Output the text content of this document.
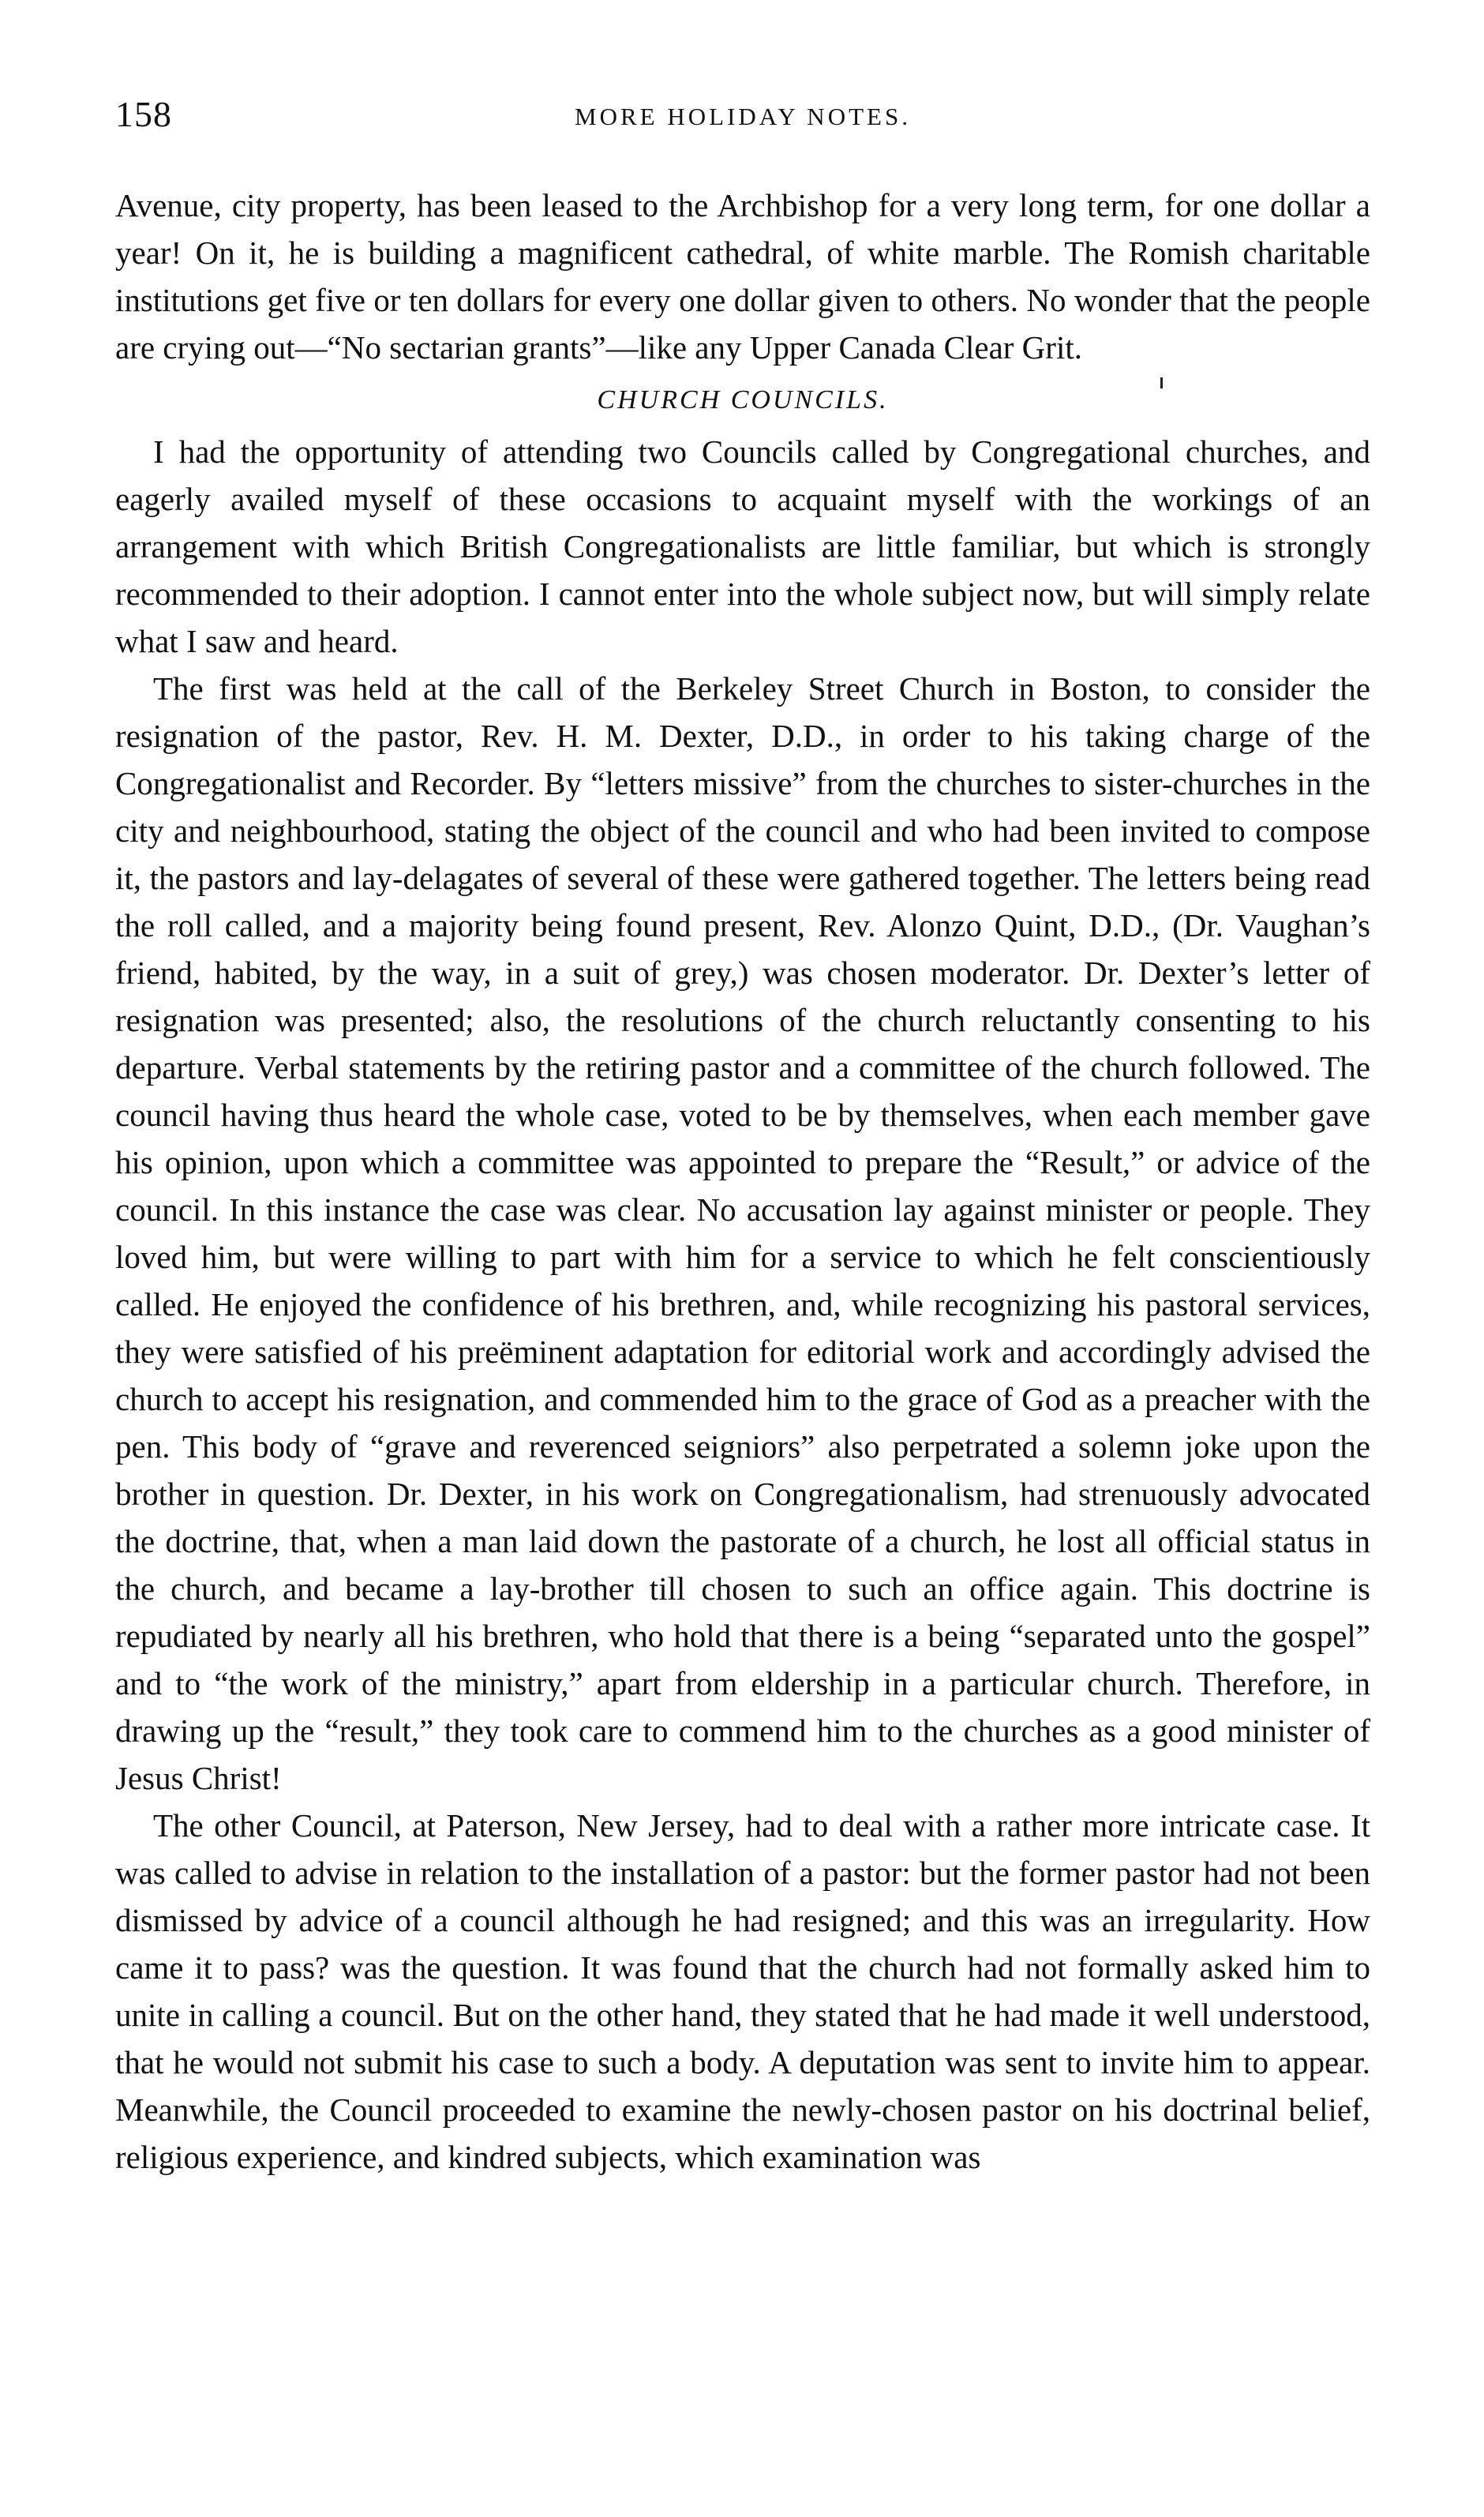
158	MORE HOLIDAY NOTES.

Avenue, city property, has been leased to the Archbishop for a very long term, for one dollar a year! On it, he is building a magnificent cathedral, of white marble. The Romish charitable institutions get five or ten dollars for every one dollar given to others. No wonder that the people are crying out—“No sectarian grants”—like any Upper Canada Clear Grit.

CHURCH COUNCILS.

I had the opportunity of attending two Councils called by Congregational churches, and eagerly availed myself of these occasions to acquaint myself with the workings of an arrangement with which British Congregationalists are little familiar, but which is strongly recommended to their adoption. I cannot enter into the whole subject now, but will simply relate what I saw and heard.

The first was held at the call of the Berkeley Street Church in Boston, to consider the resignation of the pastor, Rev. H. M. Dexter, D.D., in order to his taking charge of the Congregationalist and Recorder. By “letters missive” from the churches to sister-churches in the city and neighbourhood, stating the object of the council and who had been invited to compose it, the pastors and lay-delagates of several of these were gathered together. The letters being read the roll called, and a majority being found present, Rev. Alonzo Quint, D.D., (Dr. Vaughan’s friend, habited, by the way, in a suit of grey,) was chosen moderator. Dr. Dexter’s letter of resignation was presented; also, the resolutions of the church reluctantly consenting to his departure. Verbal statements by the retiring pastor and a committee of the church followed. The council having thus heard the whole case, voted to be by themselves, when each member gave his opinion, upon which a committee was appointed to prepare the “Result,” or advice of the council. In this instance the case was clear. No accusation lay against minister or people. They loved him, but were willing to part with him for a service to which he felt conscientiously called. He enjoyed the confidence of his brethren, and, while recognizing his pastoral services, they were satisfied of his preëminent adaptation for editorial work and accordingly advised the church to accept his resignation, and commended him to the grace of God as a preacher with the pen. This body of “grave and reverenced seigniors” also perpetrated a solemn joke upon the brother in question. Dr. Dexter, in his work on Congregationalism, had strenuously advocated the doctrine, that, when a man laid down the pastorate of a church, he lost all official status in the church, and became a lay-brother till chosen to such an office again. This doctrine is repudiated by nearly all his brethren, who hold that there is a being “separated unto the gospel” and to “the work of the ministry,” apart from eldership in a particular church. Therefore, in drawing up the “result,” they took care to commend him to the churches as a good minister of Jesus Christ!

The other Council, at Paterson, New Jersey, had to deal with a rather more intricate case. It was called to advise in relation to the installation of a pastor: but the former pastor had not been dismissed by advice of a council although he had resigned; and this was an irregularity. How came it to pass? was the question. It was found that the church had not formally asked him to unite in calling a council. But on the other hand, they stated that he had made it well understood, that he would not submit his case to such a body. A deputation was sent to invite him to appear. Meanwhile, the Council proceeded to examine the newly-chosen pastor on his doctrinal belief, religious experience, and kindred subjects, which examination was
